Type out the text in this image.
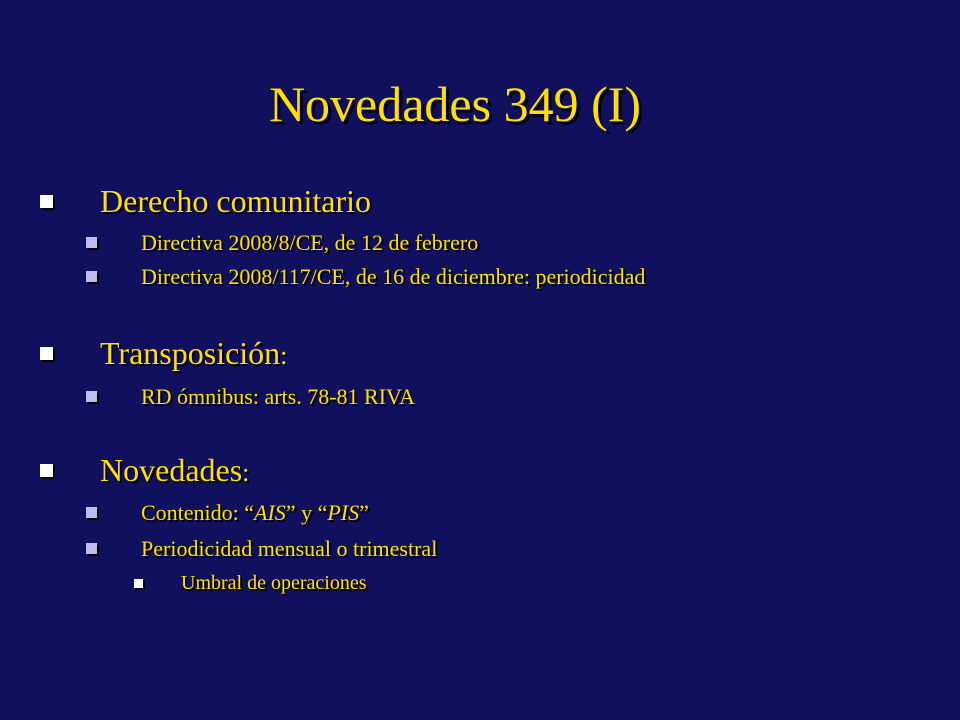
Novedades 349 (I)
Derecho comunitario
Directiva 2008/8/CE, de 12 de febrero
Directiva 2008/117/CE, de 16 de diciembre: periodicidad
Transposición:
RD ómnibus: arts. 78-81 RIVA
Novedades:
Contenido: “AIS” y “PIS”
Periodicidad mensual o trimestral
Umbral de operaciones
